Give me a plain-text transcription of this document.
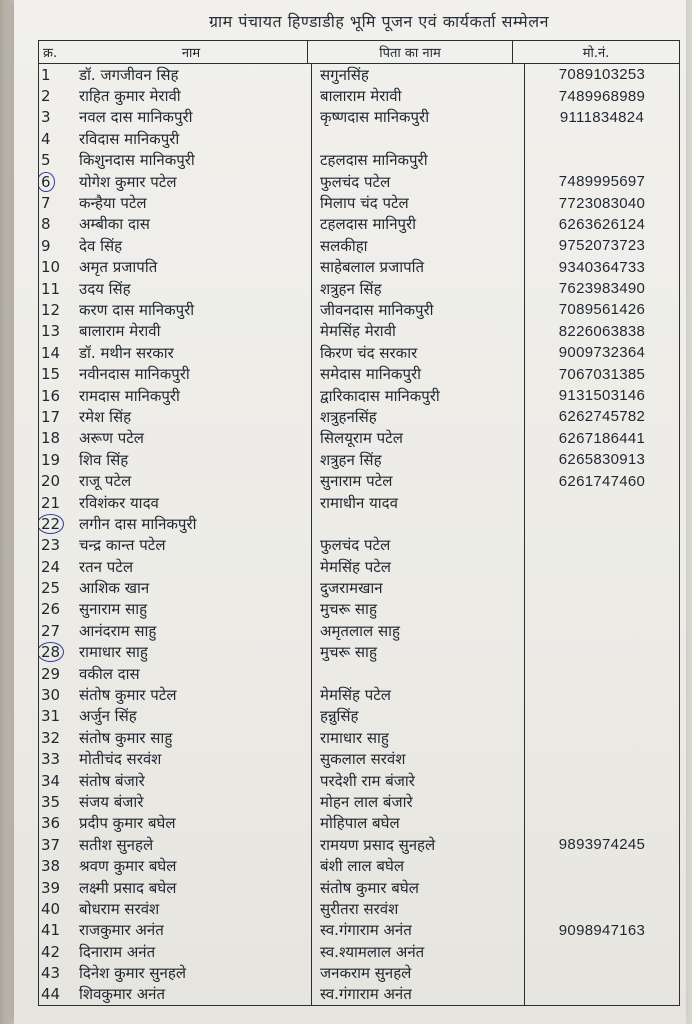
ग्राम पंचायत हिण्डाडीह भूमि पूजन एवं कार्यकर्ता सम्मेलन
क्र.	नाम	पिता का नाम	मो.नं.
1 डॉ. जगजीवन सिह	सगुनसिंह	7089103253
2 राहित कुमार मेरावी	बालाराम मेरावी	7489968989
3 नवल दास मानिकपुरी	कृष्णदास मानिकपुरी	9111834824
4 रविदास मानिकपुरी
5 किशुनदास मानिकपुरी	टहलदास मानिकपुरी
6 योगेश कुमार पटेल	फुलचंद पटेल	7489995697
7 कन्हैया पटेल	मिलाप चंद पटेल	7723083040
8 अम्बीका दास	टहलदास मानिपुरी	6263626124
9 देव सिंह	सलकीहा	9752073723
10 अमृत प्रजापति	साहेबलाल प्रजापति	9340364733
11 उदय सिंह	शत्रुहन सिंह	7623983490
12 करण दास मानिकपुरी	जीवनदास मानिकपुरी	7089561426
13 बालाराम मेरावी	मेमसिंह मेरावी	8226063838
14 डॉ. मथीन सरकार	किरण चंद सरकार	9009732364
15 नवीनदास मानिकपुरी	समेदास मानिकपुरी	7067031385
16 रामदास मानिकपुरी	द्वारिकादास मानिकपुरी	9131503146
17 रमेश सिंह	शत्रुहनसिंह	6262745782
18 अरूण पटेल	सिलयूराम पटेल	6267186441
19 शिव सिंह	शत्रुहन सिंह	6265830913
20 राजू पटेल	सुनाराम पटेल	6261747460
21 रविशंकर यादव	रामाधीन यादव
22 लगीन दास मानिकपुरी
23 चन्द्र कान्त पटेल	फुलचंद पटेल
24 रतन पटेल	मेमसिंह पटेल
25 आशिक खान	दुजरामखान
26 सुनाराम साहु	मुचरू साहु
27 आनंदराम साहु	अमृतलाल साहु
28 रामाधार साहु	मुचरू साहु
29 वकील दास
30 संतोष कुमार पटेल	मेमसिंह पटेल
31 अर्जुन सिंह	हन्नुसिंह
32 संतोष कुमार साहु	रामाधार साहु
33 मोतीचंद सरवंश	सुकलाल सरवंश
34 संतोष बंजारे	परदेशी राम बंजारे
35 संजय बंजारे	मोहन लाल बंजारे
36 प्रदीप कुमार बघेल	मोहिपाल बघेल
37 सतीश सुनहले	रामयण प्रसाद सुनहले	9893974245
38 श्रवण कुमार बघेल	बंशी लाल बघेल
39 लक्ष्मी प्रसाद बघेल	संतोष कुमार बघेल
40 बोधराम सरवंश	सुरीतरा सरवंश
41 राजकुमार अनंत	स्व.गंगाराम अनंत	9098947163
42 दिनाराम अनंत	स्व.श्यामलाल अनंत
43 दिनेश कुमार सुनहले	जनकराम सुनहले
44 शिवकुमार अनंत	स्व.गंगाराम अनंत
